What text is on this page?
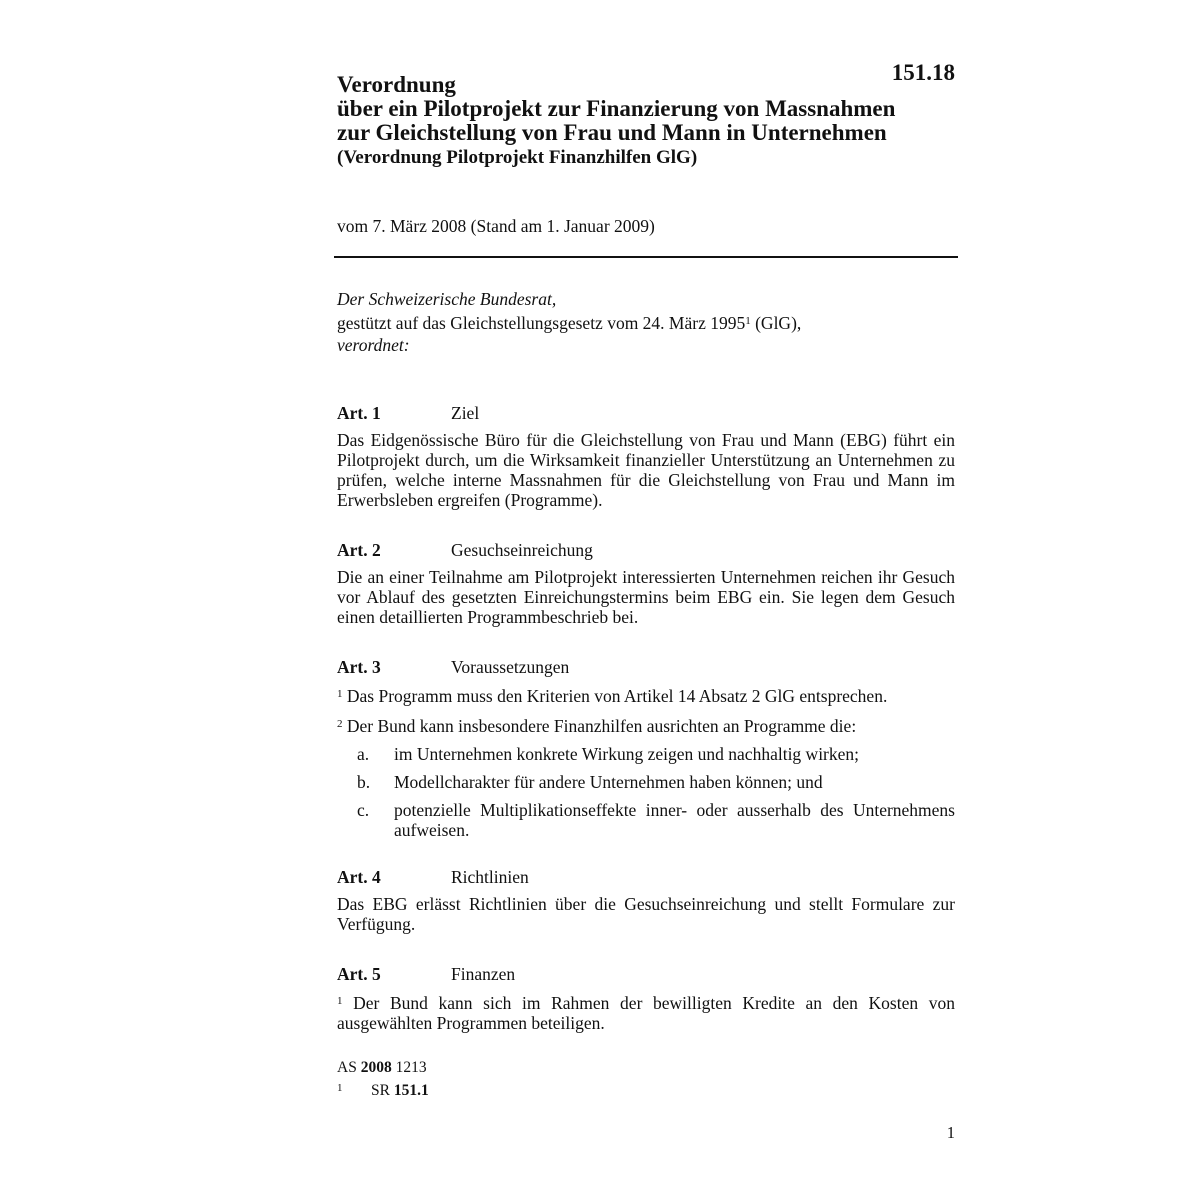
151.18
Verordnung
über ein Pilotprojekt zur Finanzierung von Massnahmen
zur Gleichstellung von Frau und Mann in Unternehmen
(Verordnung Pilotprojekt Finanzhilfen GlG)
vom 7. März 2008 (Stand am 1. Januar 2009)
Der Schweizerische Bundesrat,
gestützt auf das Gleichstellungsgesetz vom 24. März 1995$^1$ (GlG),
verordnet:
Art. 1	Ziel
Das Eidgenössische Büro für die Gleichstellung von Frau und Mann (EBG) führt ein Pilotprojekt durch, um die Wirksamkeit finanzieller Unterstützung an Unternehmen zu prüfen, welche interne Massnahmen für die Gleichstellung von Frau und Mann im Erwerbsleben ergreifen (Programme).
Art. 2	Gesuchseinreichung
Die an einer Teilnahme am Pilotprojekt interessierten Unternehmen reichen ihr Gesuch vor Ablauf des gesetzten Einreichungstermins beim EBG ein. Sie legen dem Gesuch einen detaillierten Programmbeschrieb bei.
Art. 3	Voraussetzungen
$^1$ Das Programm muss den Kriterien von Artikel 14 Absatz 2 GlG entsprechen.
$^2$ Der Bund kann insbesondere Finanzhilfen ausrichten an Programme die:
a. im Unternehmen konkrete Wirkung zeigen und nachhaltig wirken;
b. Modellcharakter für andere Unternehmen haben können; und
c. potenzielle Multiplikationseffekte inner- oder ausserhalb des Unternehmens aufweisen.
Art. 4	Richtlinien
Das EBG erlässt Richtlinien über die Gesuchseinreichung und stellt Formulare zur Verfügung.
Art. 5	Finanzen
$^1$ Der Bund kann sich im Rahmen der bewilligten Kredite an den Kosten von ausgewählten Programmen beteiligen.
AS 2008 1213
1 SR 151.1
1
